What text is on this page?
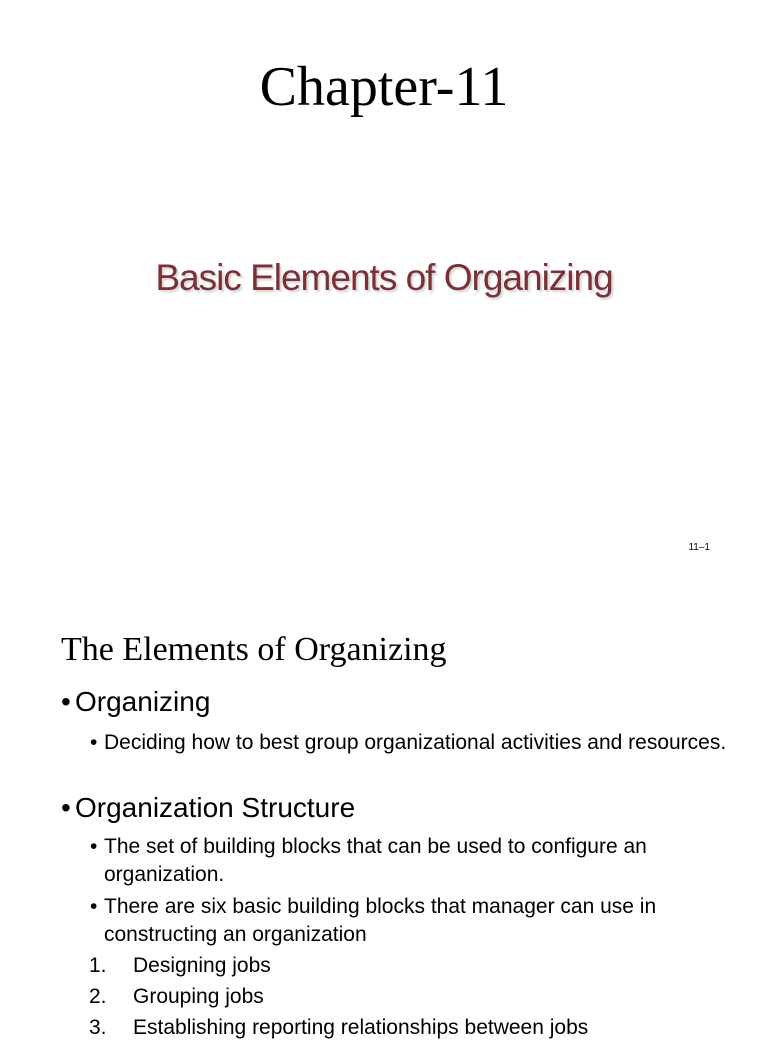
Chapter-11
Basic Elements of Organizing
11–1
The Elements of Organizing
• Organizing
• Deciding how to best group organizational activities and resources.
• Organization Structure
• The set of building blocks that can be used to configure an organization.
• There are six basic building blocks that manager can use in constructing an organization
1. Designing jobs
2. Grouping jobs
3. Establishing reporting relationships between jobs
